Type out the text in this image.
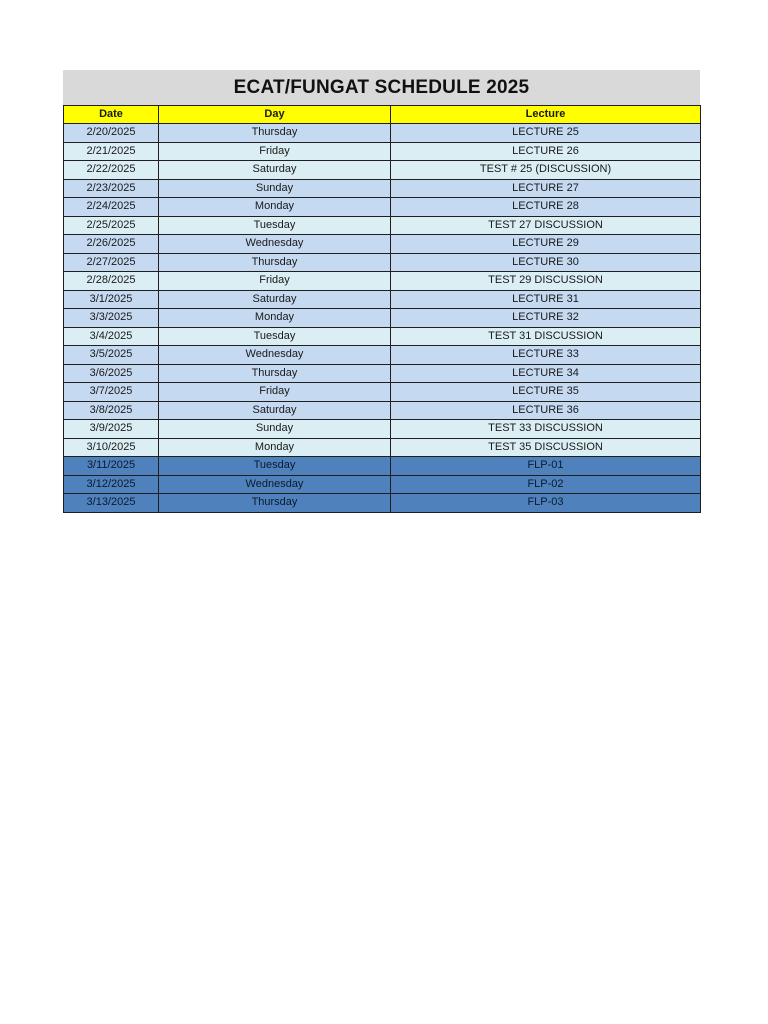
ECAT/FUNGAT SCHEDULE 2025
Date	Day	Lecture
2/20/2025	Thursday	LECTURE 25
2/21/2025	Friday	LECTURE 26
2/22/2025	Saturday	TEST # 25 (DISCUSSION)
2/23/2025	Sunday	LECTURE 27
2/24/2025	Monday	LECTURE 28
2/25/2025	Tuesday	TEST 27 DISCUSSION
2/26/2025	Wednesday	LECTURE 29
2/27/2025	Thursday	LECTURE 30
2/28/2025	Friday	TEST 29 DISCUSSION
3/1/2025	Saturday	LECTURE 31
3/3/2025	Monday	LECTURE 32
3/4/2025	Tuesday	TEST 31 DISCUSSION
3/5/2025	Wednesday	LECTURE 33
3/6/2025	Thursday	LECTURE 34
3/7/2025	Friday	LECTURE 35
3/8/2025	Saturday	LECTURE 36
3/9/2025	Sunday	TEST 33 DISCUSSION
3/10/2025	Monday	TEST 35 DISCUSSION
3/11/2025	Tuesday	FLP-01
3/12/2025	Wednesday	FLP-02
3/13/2025	Thursday	FLP-03
